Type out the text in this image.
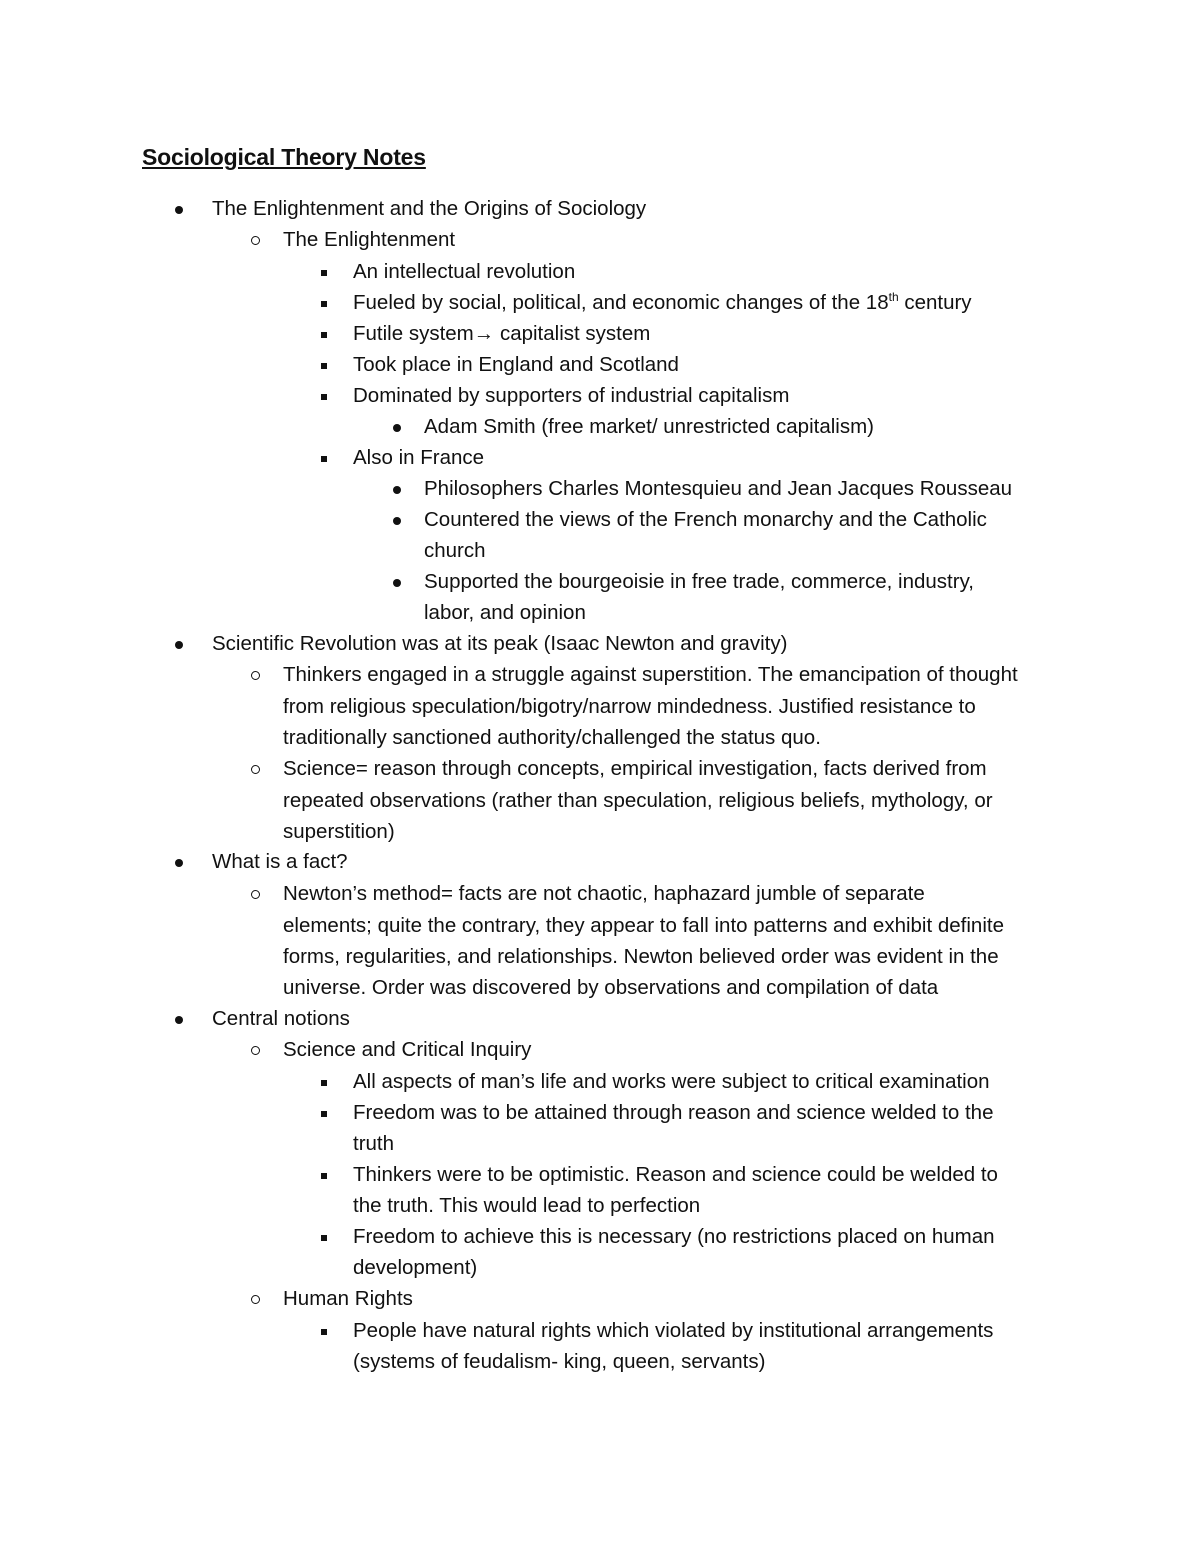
Sociological Theory Notes
The Enlightenment and the Origins of Sociology
The Enlightenment
An intellectual revolution
Fueled by social, political, and economic changes of the 18th century
Futile system→ capitalist system
Took place in England and Scotland
Dominated by supporters of industrial capitalism
Adam Smith (free market/ unrestricted capitalism)
Also in France
Philosophers Charles Montesquieu and Jean Jacques Rousseau
Countered the views of the French monarchy and the Catholic
church
Supported the bourgeoisie in free trade, commerce, industry,
labor, and opinion
Scientific Revolution was at its peak (Isaac Newton and gravity)
Thinkers engaged in a struggle against superstition. The emancipation of thought
from religious speculation/bigotry/narrow mindedness. Justified resistance to
traditionally sanctioned authority/challenged the status quo.
Science= reason through concepts, empirical investigation, facts derived from
repeated observations (rather than speculation, religious beliefs, mythology, or
superstition)
What is a fact?
Newton’s method= facts are not chaotic, haphazard jumble of separate
elements; quite the contrary, they appear to fall into patterns and exhibit definite
forms, regularities, and relationships. Newton believed order was evident in the
universe. Order was discovered by observations and compilation of data
Central notions
Science and Critical Inquiry
All aspects of man’s life and works were subject to critical examination
Freedom was to be attained through reason and science welded to the
truth
Thinkers were to be optimistic. Reason and science could be welded to
the truth. This would lead to perfection
Freedom to achieve this is necessary (no restrictions placed on human
development)
Human Rights
People have natural rights which violated by institutional arrangements
(systems of feudalism- king, queen, servants)
